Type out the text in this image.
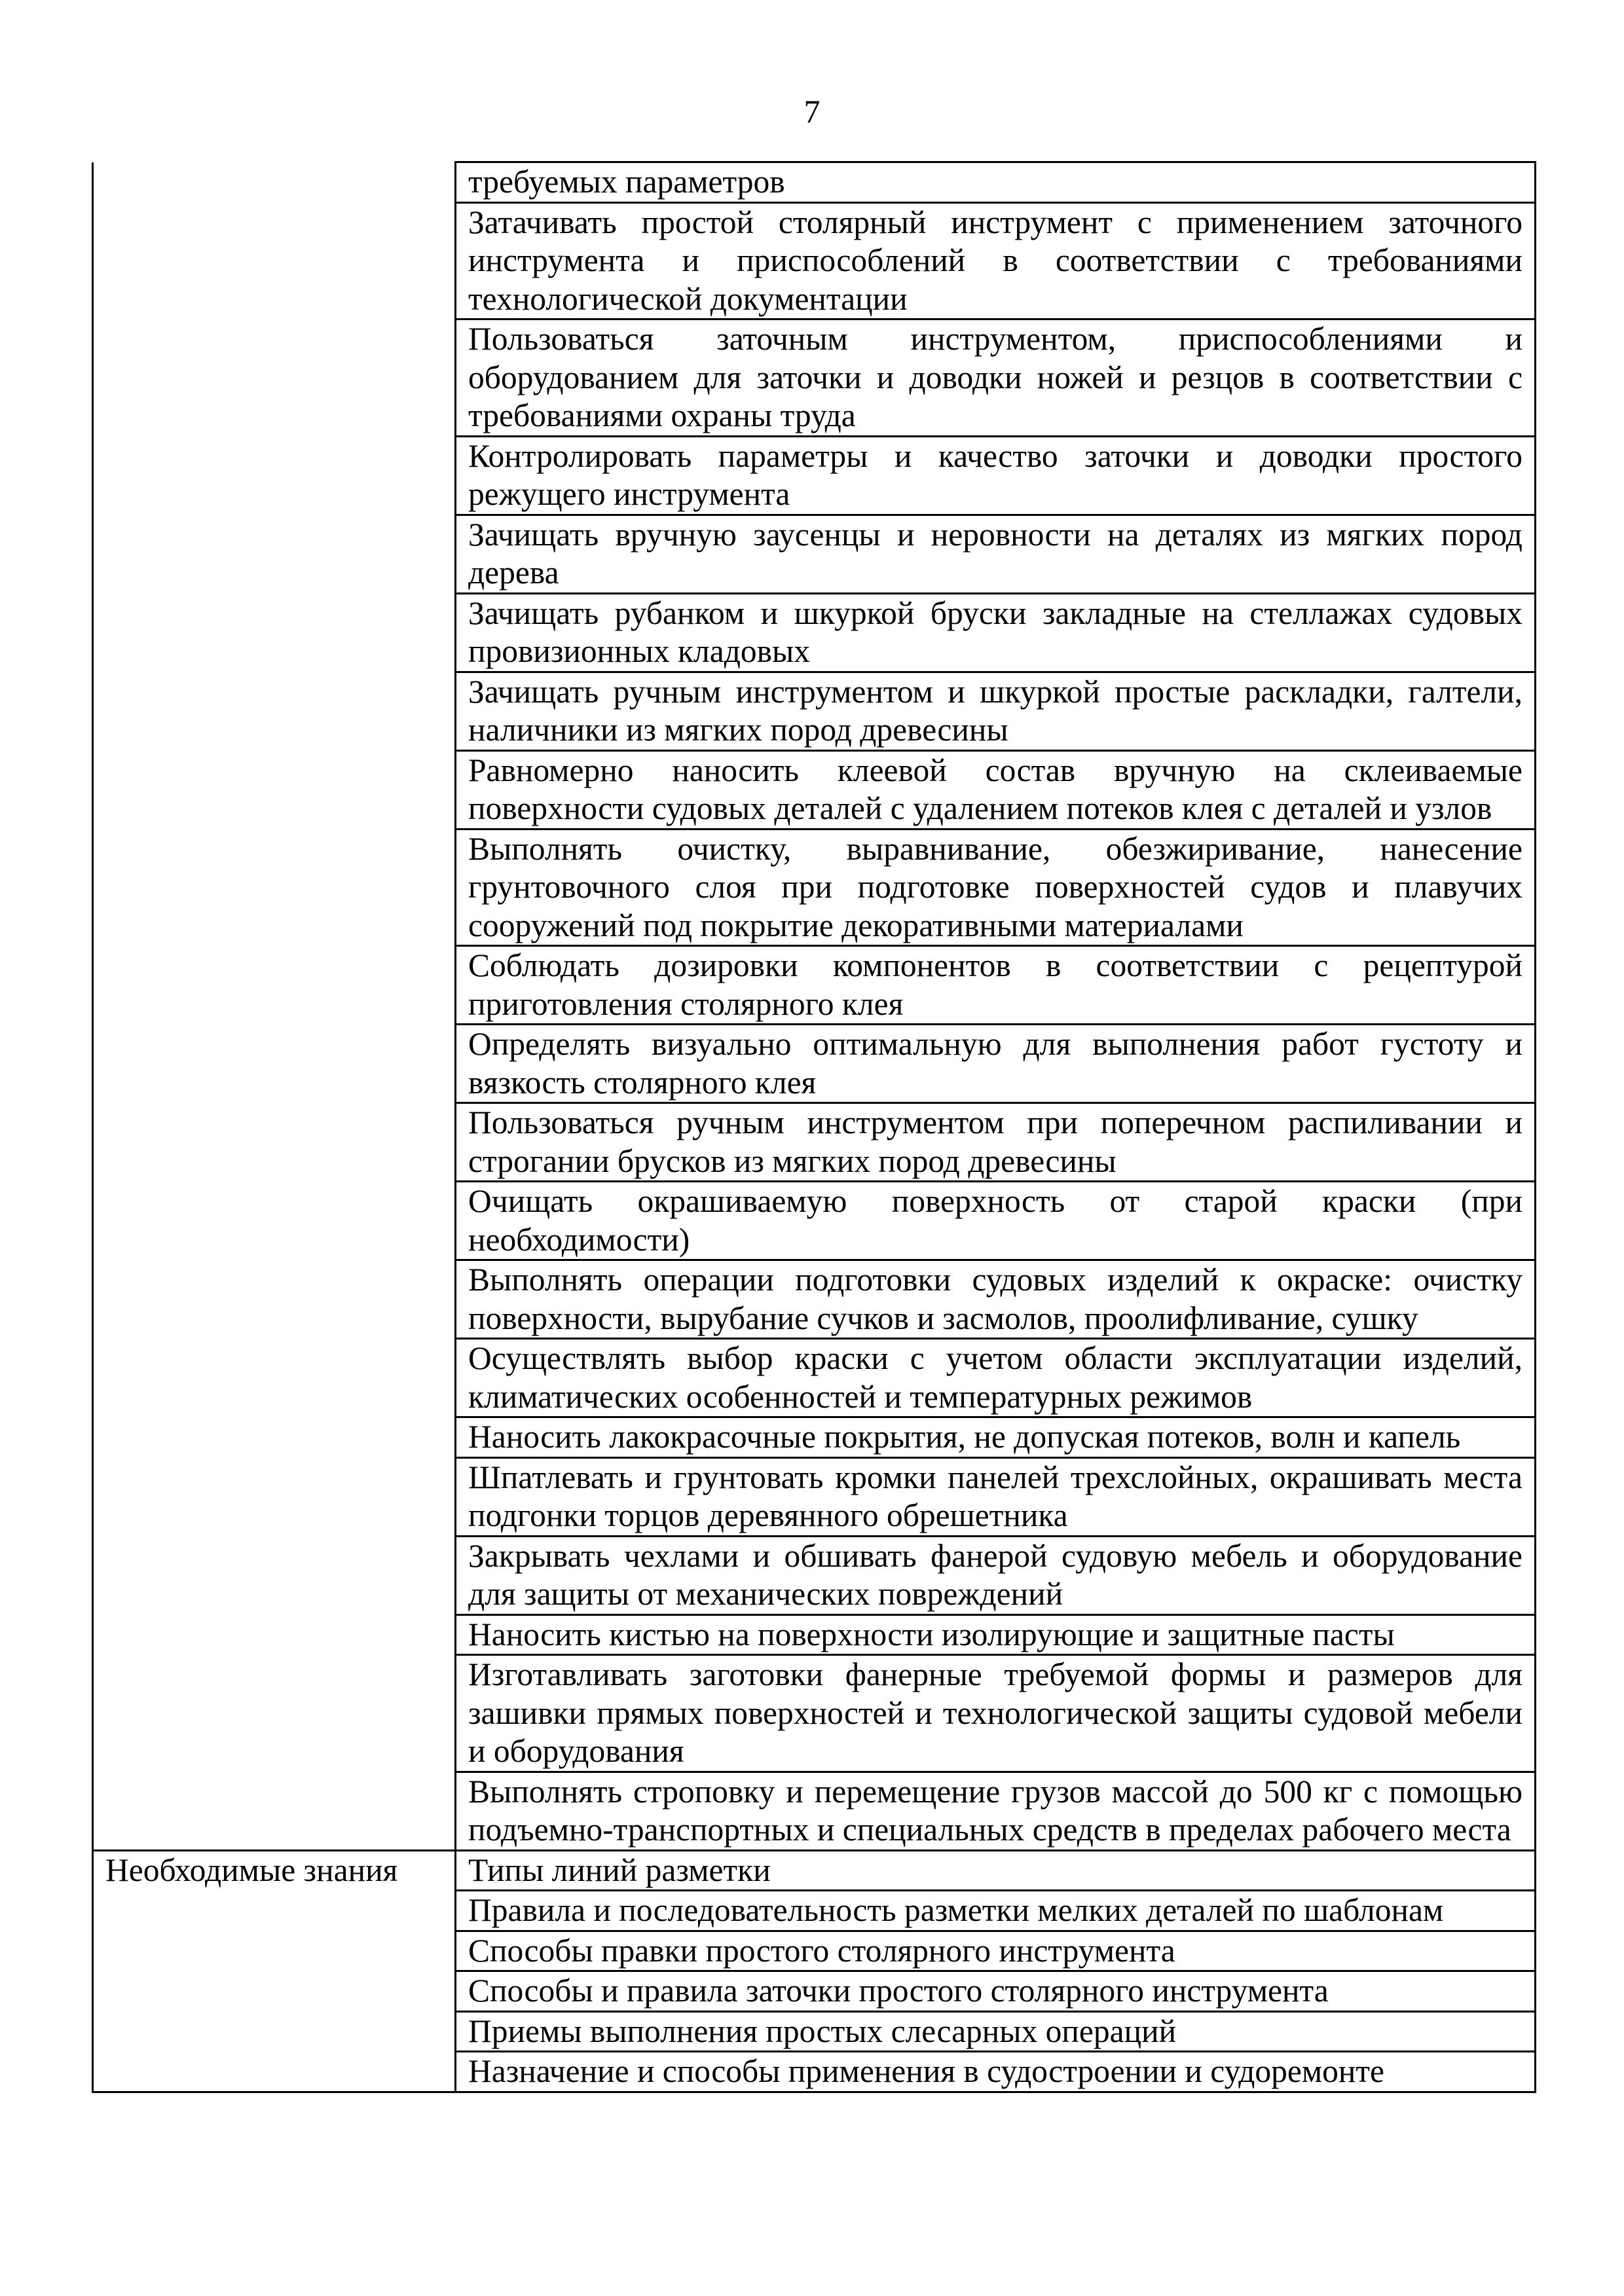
7
	требуемых параметров
	Затачивать простой столярный инструмент с применением заточного инструмента и приспособлений в соответствии с требованиями технологической документации
	Пользоваться заточным инструментом, приспособлениями и оборудованием для заточки и доводки ножей и резцов в соответствии с требованиями охраны труда
	Контролировать параметры и качество заточки и доводки простого режущего инструмента
	Зачищать вручную заусенцы и неровности на деталях из мягких пород дерева
	Зачищать рубанком и шкуркой бруски закладные на стеллажах судовых провизионных кладовых
	Зачищать ручным инструментом и шкуркой простые раскладки, галтели, наличники из мягких пород древесины
	Равномерно наносить клеевой состав вручную на склеиваемые поверхности судовых деталей с удалением потеков клея с деталей и узлов
	Выполнять очистку, выравнивание, обезжиривание, нанесение грунтовочного слоя при подготовке поверхностей судов и плавучих сооружений под покрытие декоративными материалами
	Соблюдать дозировки компонентов в соответствии с рецептурой приготовления столярного клея
	Определять визуально оптимальную для выполнения работ густоту и вязкость столярного клея
	Пользоваться ручным инструментом при поперечном распиливании и строгании брусков из мягких пород древесины
	Очищать окрашиваемую поверхность от старой краски (при необходимости)
	Выполнять операции подготовки судовых изделий к окраске: очистку поверхности, вырубание сучков и засмолов, проолифливание, сушку
	Осуществлять выбор краски с учетом области эксплуатации изделий, климатических особенностей и температурных режимов
	Наносить лакокрасочные покрытия, не допуская потеков, волн и капель
	Шпатлевать и грунтовать кромки панелей трехслойных, окрашивать места подгонки торцов деревянного обрешетника
	Закрывать чехлами и обшивать фанерой судовую мебель и оборудование для защиты от механических повреждений
	Наносить кистью на поверхности изолирующие и защитные пасты
	Изготавливать заготовки фанерные требуемой формы и размеров для зашивки прямых поверхностей и технологической защиты судовой мебели и оборудования
	Выполнять строповку и перемещение грузов массой до 500 кг с помощью подъемно-транспортных и специальных средств в пределах рабочего места
Необходимые знания	Типы линий разметки
	Правила и последовательность разметки мелких деталей по шаблонам
	Способы правки простого столярного инструмента
	Способы и правила заточки простого столярного инструмента
	Приемы выполнения простых слесарных операций
	Назначение и способы применения в судостроении и судоремонте
